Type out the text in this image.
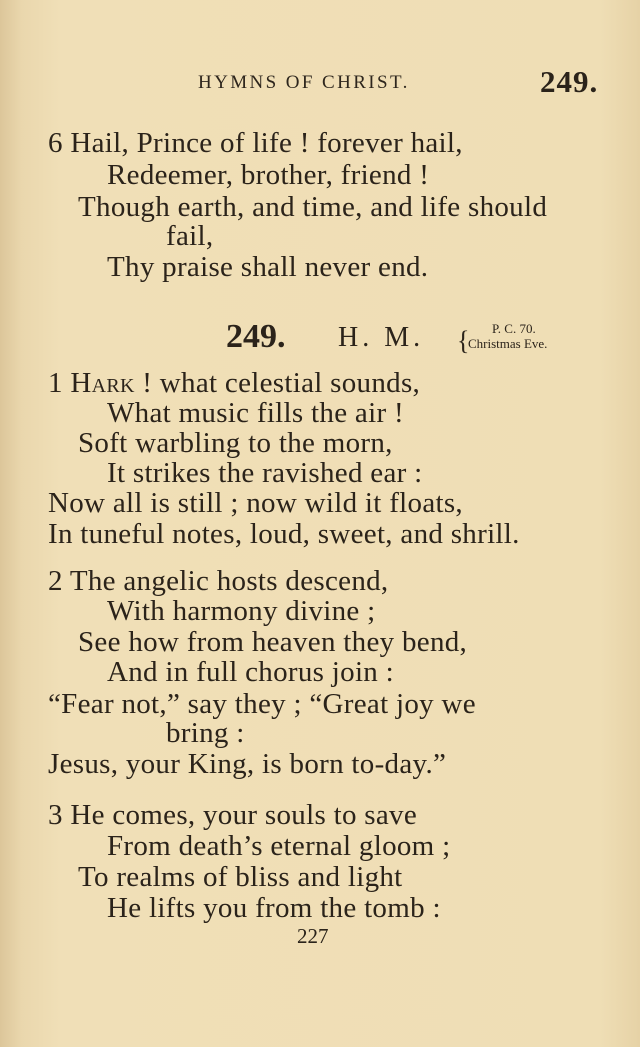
HYMNS OF CHRIST.	249.
6 Hail, Prince of life ! forever hail,
Redeemer, brother, friend !
Though earth, and time, and life should
fail,
Thy praise shall never end.
249. H. M. {	P. C. 70.
Christmas Eve.
1 Hark ! what celestial sounds,
What music fills the air !
Soft warbling to the morn,
It strikes the ravished ear :
Now all is still ; now wild it floats,
In tuneful notes, loud, sweet, and shrill.
2 The angelic hosts descend,
With harmony divine ;
See how from heaven they bend,
And in full chorus join :
“Fear not,” say they ; “Great joy we
bring :
Jesus, your King, is born to-day.”
3 He comes, your souls to save
From death’s eternal gloom ;
To realms of bliss and light
He lifts you from the tomb :
227
